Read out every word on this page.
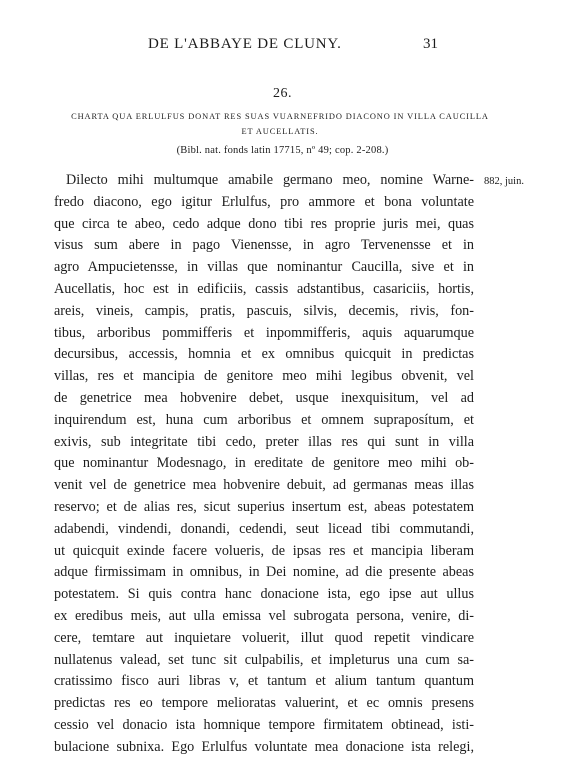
DE L'ABBAYE DE CLUNY.	31
26.
CHARTA QUA ERLULFUS DONAT RES SUAS VUARNEFRIDO DIACONO IN VILLA CAUCILLA
ET AUCELLATIS.
(Bibl. nat. fonds latin 17715, nº 49; cop. 2-208.)
882, juin.
Dilecto mihi multumque amabile germano meo, nomine Warne-
fredo diacono, ego igitur Erlulfus, pro ammore et bona voluntate
que circa te abeo, cedo adque dono tibi res proprie juris mei, quas
visus sum abere in pago Vienensse, in agro Tervenensse et in
agro Ampucietensse, in villas que nominantur Caucilla, sive et in
Aucellatis, hoc est in edificiis, cassis adstantibus, casariciis, hortis,
areis, vineis, campis, pratis, pascuis, silvis, decemis, rivis, fon-
tibus, arboribus pommifferis et inpommifferis, aquis aquarumque
decursibus, accessis, homnia et ex omnibus quicquit in predictas
villas, res et mancipia de genitore meo mihi legibus obvenit, vel
de genetrice mea hobvenire debet, usque inexquisitum, vel ad
inquirendum est, huna cum arboribus et omnem supraposítum, et
exivis, sub integritate tibi cedo, preter illas res qui sunt in villa
que nominantur Modesnago, in ereditate de genitore meo mihi ob-
venit vel de genetrice mea hobvenire debuit, ad germanas meas illas
reservo; et de alias res, sicut superius insertum est, abeas potestatem
adabendi, vindendi, donandi, cedendi, seut licead tibi commutandi,
ut quicquit exinde facere volueris, de ipsas res et mancipia liberam
adque firmissimam in omnibus, in Dei nomine, ad die presente abeas
potestatem. Si quis contra hanc donacione ista, ego ipse aut ullus
ex eredibus meis, aut ulla emissa vel subrogata persona, venire, di-
cere, temtare aut inquietare voluerit, illut quod repetit vindicare
nullatenus valead, set tunc sit culpabilis, et impleturus una cum sa-
cratissimo fisco auri libras v, et tantum et alium tantum quantum
predictas res eo tempore melioratas valuerint, et ec omnis presens
cessio vel donacio ista homnique tempore firmitatem obtinead, isti-
bulacione subnixa. Ego Erlulfus voluntate mea donacione ista relegi,
